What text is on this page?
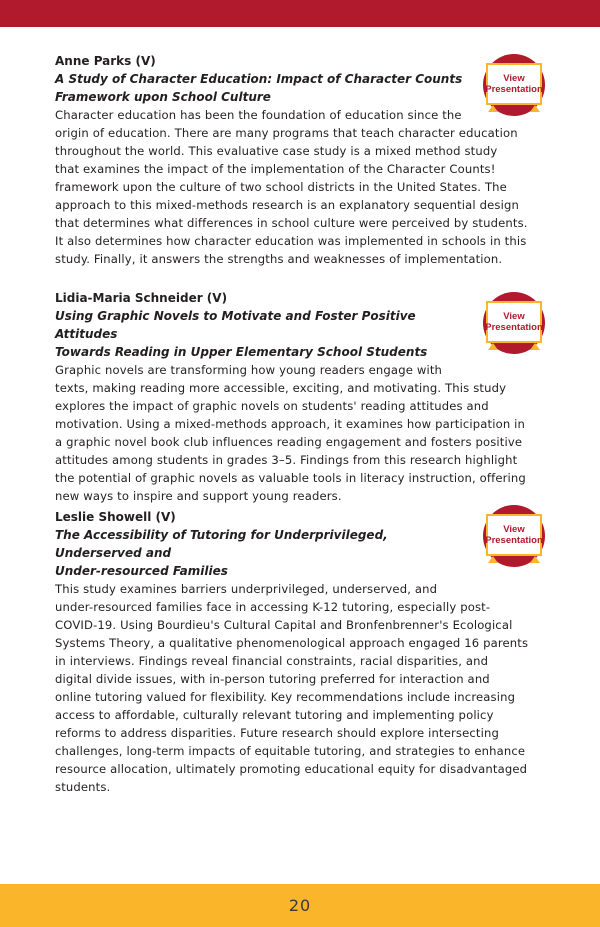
Anne Parks (V)

A Study of Character Education: Impact of Character Counts
Framework upon School Culture

Character education has been the foundation of education since the
origin of education. There are many programs that teach character education
throughout the world. This evaluative case study is a mixed method study
that examines the impact of the implementation of the Character Counts!
framework upon the culture of two school districts in the United States. The
approach to this mixed-methods research is an explanatory sequential design
that determines what differences in school culture were perceived by students.
It also determines how character education was implemented in schools in this
study. Finally, it answers the strengths and weaknesses of implementation.

View
Presentation

Lidia-Maria Schneider (V)

Using Graphic Novels to Motivate and Foster Positive Attitudes
Towards Reading in Upper Elementary School Students

Graphic novels are transforming how young readers engage with
texts, making reading more accessible, exciting, and motivating. This study
explores the impact of graphic novels on students' reading attitudes and
motivation. Using a mixed-methods approach, it examines how participation in
a graphic novel book club influences reading engagement and fosters positive
attitudes among students in grades 3–5. Findings from this research highlight
the potential of graphic novels as valuable tools in literacy instruction, offering
new ways to inspire and support young readers.

View
Presentation

Leslie Showell (V)

The Accessibility of Tutoring for Underprivileged, Underserved and
Under-resourced Families

This study examines barriers underprivileged, underserved, and
under-resourced families face in accessing K-12 tutoring, especially post-
COVID-19. Using Bourdieu's Cultural Capital and Bronfenbrenner's Ecological
Systems Theory, a qualitative phenomenological approach engaged 16 parents
in interviews. Findings reveal financial constraints, racial disparities, and
digital divide issues, with in-person tutoring preferred for interaction and
online tutoring valued for flexibility. Key recommendations include increasing
access to affordable, culturally relevant tutoring and implementing policy
reforms to address disparities. Future research should explore intersecting
challenges, long-term impacts of equitable tutoring, and strategies to enhance
resource allocation, ultimately promoting educational equity for disadvantaged
students.

View
Presentation
20
